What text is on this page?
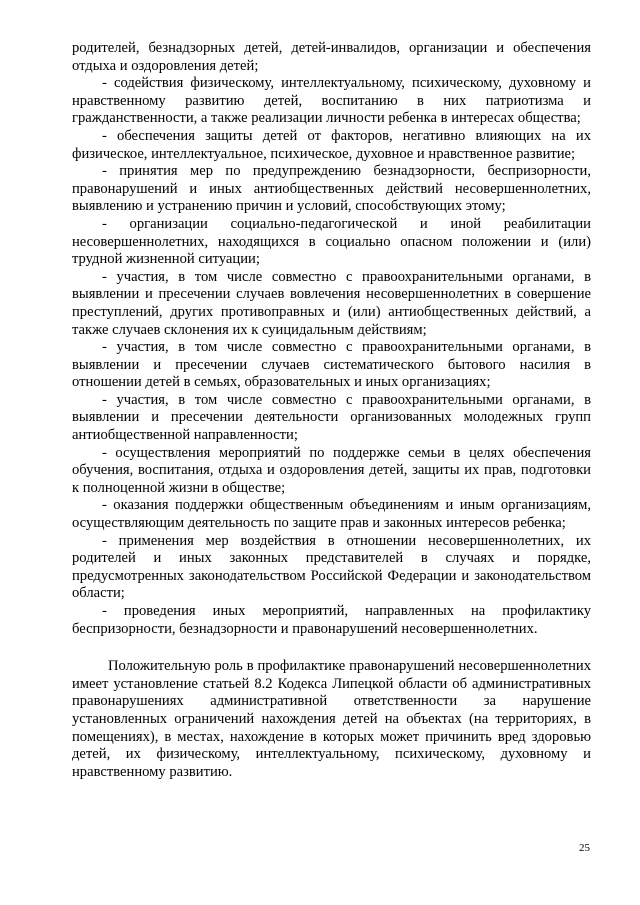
родителей, безнадзорных детей, детей-инвалидов, организации и обеспечения отдыха и оздоровления детей;

- содействия физическому, интеллектуальному, психическому, духовному и нравственному развитию детей, воспитанию в них патриотизма и гражданственности, а также реализации личности ребенка в интересах общества;

- обеспечения защиты детей от факторов, негативно влияющих на их физическое, интеллектуальное, психическое, духовное и нравственное развитие;

- принятия мер по предупреждению безнадзорности, беспризорности, правонарушений и иных антиобщественных действий несовершеннолетних, выявлению и устранению причин и условий, способствующих этому;

- организации социально-педагогической и иной реабилитации несовершеннолетних, находящихся в социально опасном положении и (или) трудной жизненной ситуации;

- участия, в том числе совместно с правоохранительными органами, в выявлении и пресечении случаев вовлечения несовершеннолетних в совершение преступлений, других противоправных и (или) антиобщественных действий, а также случаев склонения их к суицидальным действиям;

- участия, в том числе совместно с правоохранительными органами, в выявлении и пресечении случаев систематического бытового насилия в отношении детей в семьях, образовательных и иных организациях;

- участия, в том числе совместно с правоохранительными органами, в выявлении и пресечении деятельности организованных молодежных групп антиобщественной направленности;

- осуществления мероприятий по поддержке семьи в целях обеспечения обучения, воспитания, отдыха и оздоровления детей, защиты их прав, подготовки к полноценной жизни в обществе;

- оказания поддержки общественным объединениям и иным организациям, осуществляющим деятельность по защите прав и законных интересов ребенка;

- применения мер воздействия в отношении несовершеннолетних, их родителей и иных законных представителей в случаях и порядке, предусмотренных законодательством Российской Федерации и законодательством области;

- проведения иных мероприятий, направленных на профилактику беспризорности, безнадзорности и правонарушений несовершеннолетних.

Положительную роль в профилактике правонарушений несовершеннолетних имеет установление статьей 8.2 Кодекса Липецкой области об административных правонарушениях административной ответственности за нарушение установленных ограничений нахождения детей на объектах (на территориях, в помещениях), в местах, нахождение в которых может причинить вред здоровью детей, их физическому, интеллектуальному, психическому, духовному и нравственному развитию.

25
